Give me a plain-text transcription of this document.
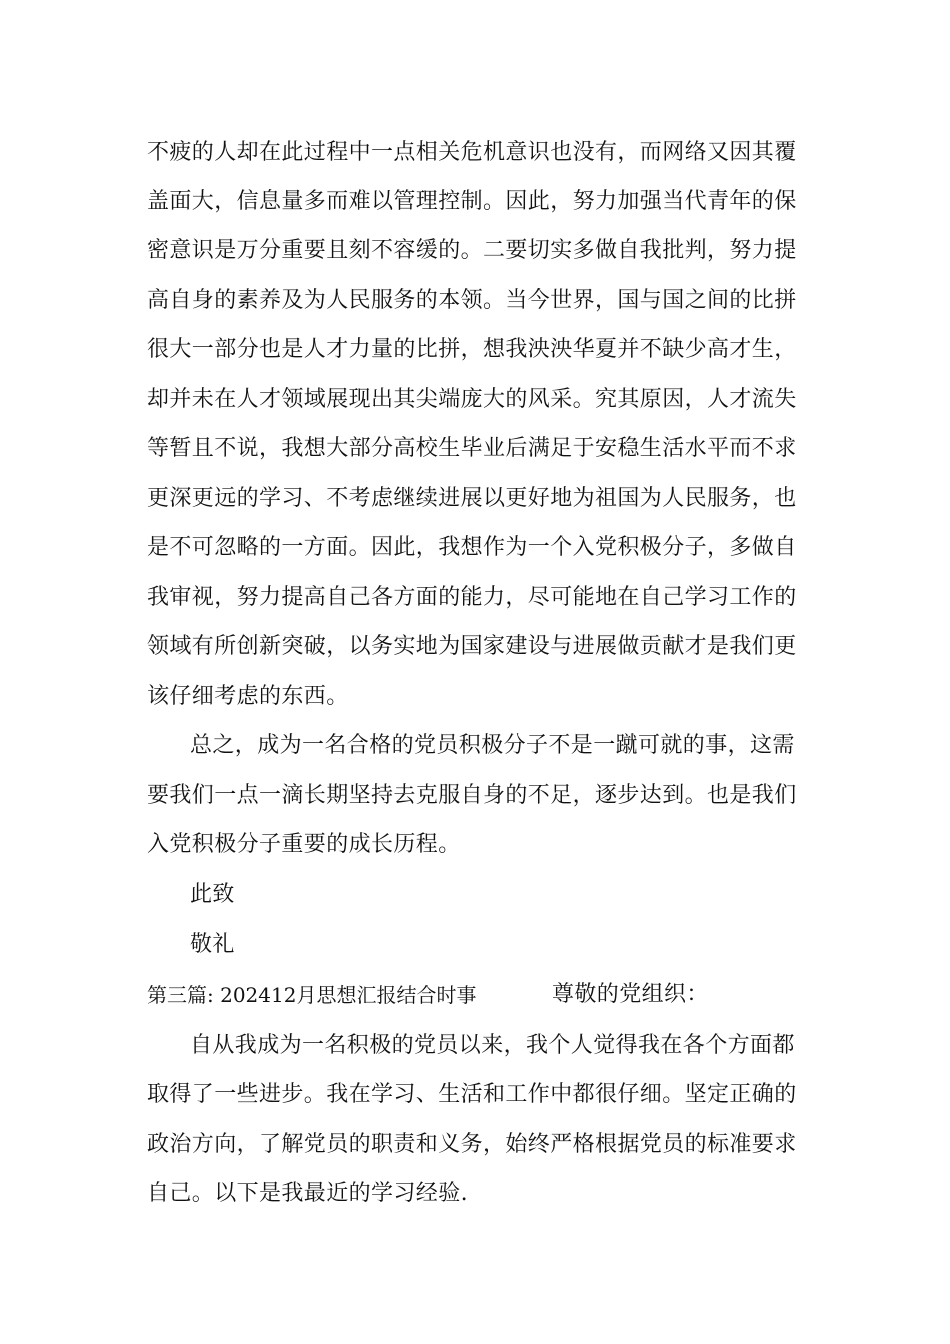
不疲的人却在此过程中一点相关危机意识也没有，而网络又因其覆
盖面大，信息量多而难以管理控制。因此，努力加强当代青年的保
密意识是万分重要且刻不容缓的。二要切实多做自我批判，努力提
高自身的素养及为人民服务的本领。当今世界，国与国之间的比拼
很大一部分也是人才力量的比拼，想我泱泱华夏并不缺少高才生，
却并未在人才领域展现出其尖端庞大的风采。究其原因，人才流失
等暂且不说，我想大部分高校生毕业后满足于安稳生活水平而不求
更深更远的学习、不考虑继续进展以更好地为祖国为人民服务，也
是不可忽略的一方面。因此，我想作为一个入党积极分子，多做自
我审视，努力提高自己各方面的能力，尽可能地在自己学习工作的
领域有所创新突破，以务实地为国家建设与进展做贡献才是我们更
该仔细考虑的东西。
总之，成为一名合格的党员积极分子不是一蹴可就的事，这需
要我们一点一滴长期坚持去克服自身的不足，逐步达到。也是我们
入党积极分子重要的成长历程。
此致
敬礼
第三篇: 202412月思想汇报结合时事	尊敬的党组织：
自从我成为一名积极的党员以来，我个人觉得我在各个方面都
取得了一些进步。我在学习、生活和工作中都很仔细。坚定正确的
政治方向，了解党员的职责和义务，始终严格根据党员的标准要求
自己。以下是我最近的学习经验.
